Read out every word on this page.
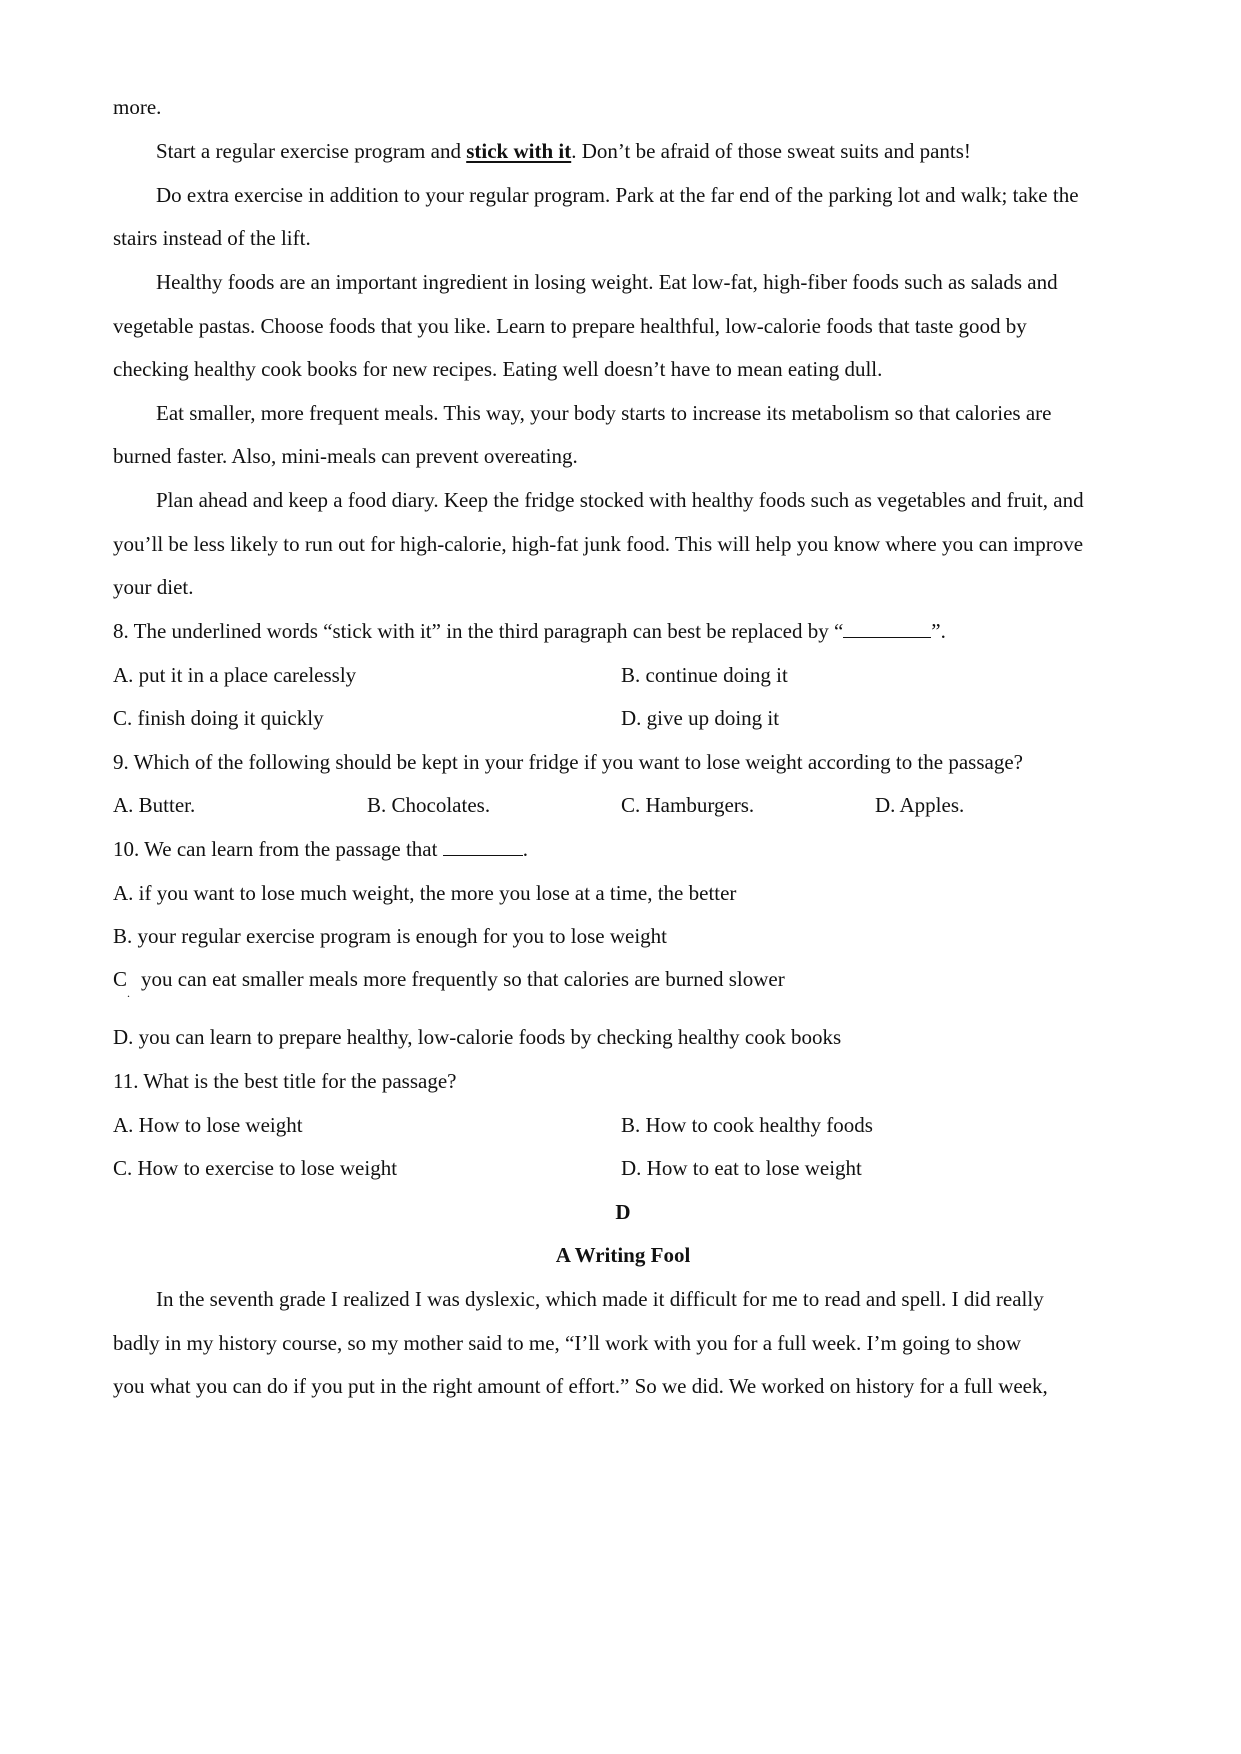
more.
Start a regular exercise program and stick with it. Don’t be afraid of those sweat suits and pants!
Do extra exercise in addition to your regular program. Park at the far end of the parking lot and walk; take the
stairs instead of the lift.
Healthy foods are an important ingredient in losing weight. Eat low-fat, high-fiber foods such as salads and
vegetable pastas. Choose foods that you like. Learn to prepare healthful, low-calorie foods that taste good by
checking healthy cook books for new recipes. Eating well doesn’t have to mean eating dull.
Eat smaller, more frequent meals. This way, your body starts to increase its metabolism so that calories are
burned faster. Also, mini-meals can prevent overeating.
Plan ahead and keep a food diary. Keep the fridge stocked with healthy foods such as vegetables and fruit, and
you’ll be less likely to run out for high-calorie, high-fat junk food. This will help you know where you can improve
your diet.
8. The underlined words “stick with it” in the third paragraph can best be replaced by “	”.
A. put it in a place carelessly	B. continue doing it
C. finish doing it quickly	D. give up doing it
9. Which of the following should be kept in your fridge if you want to lose weight according to the passage?
A. Butter.	B. Chocolates.	C. Hamburgers.	D. Apples.
10. We can learn from the passage that	.
A. if you want to lose much weight, the more you lose at a time, the better
B. your regular exercise program is enough for you to lose weight
C
.
you can eat smaller meals more frequently so that calories are burned slower
D. you can learn to prepare healthy, low-calorie foods by checking healthy cook books
11. What is the best title for the passage?
A. How to lose weight	B. How to cook healthy foods
C. How to exercise to lose weight	D. How to eat to lose weight
D
A Writing Fool
In the seventh grade I realized I was dyslexic, which made it difficult for me to read and spell. I did really
badly in my history course, so my mother said to me, “I’ll work with you for a full week. I’m going to show
you what you can do if you put in the right amount of effort.” So we did. We worked on history for a full week,
